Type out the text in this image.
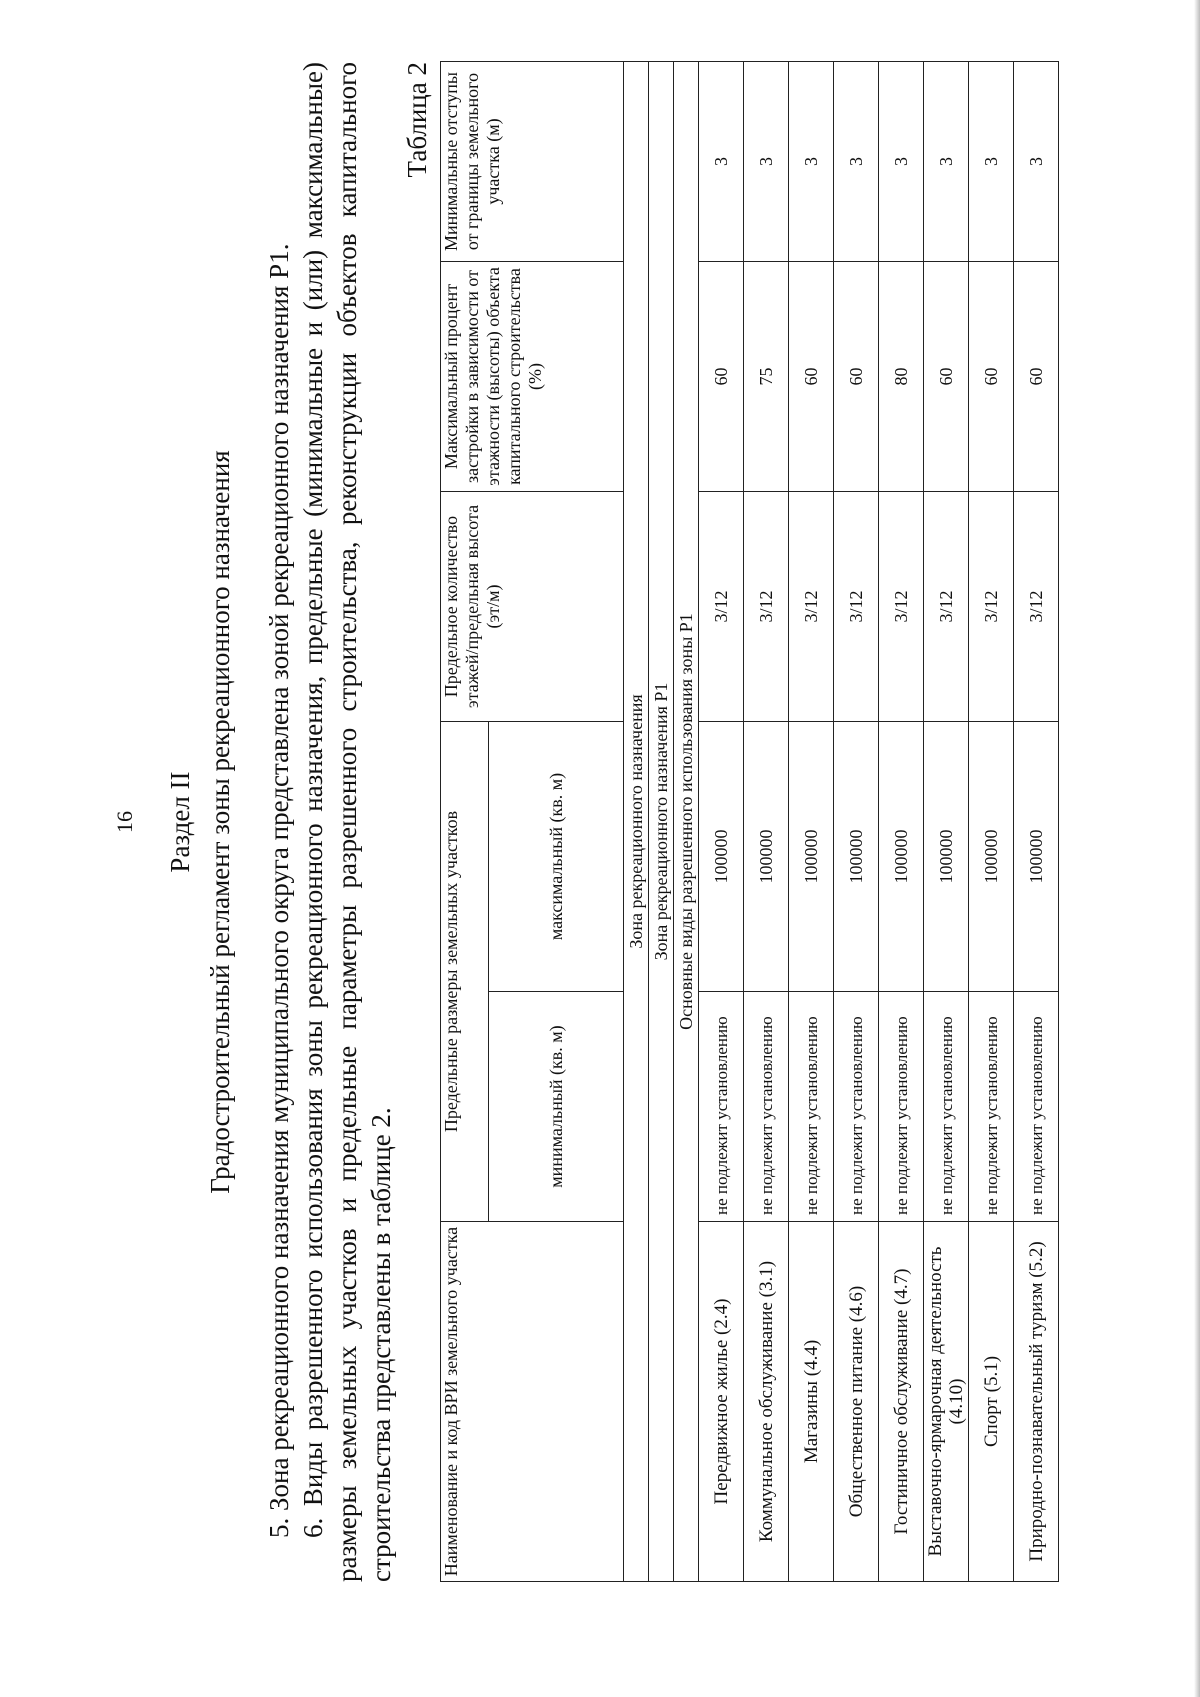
16 Раздел II Градостроительный регламент зоны рекреационного назначения 5. Зона рекреационного назначения муниципального округа представлена зоной рекреационного назначения Р1. 6. Виды разрешенного использования зоны рекреационного назначения, предельные (минимальные и (или) максимальные) размеры земельных участков и предельные параметры разрешенного строительства, реконструкции объектов капитального строительства представлены в таблице 2.
Таблица 2
Наименование и код ВРИ земельного участка	Предельные размеры земельных участков		Предельное количество этажей/предельная высота (эт/м)	Максимальный процент застройки в зависимости от этажности (высоты) объекта капитального строительства (%)	Минимальные отступы от границы земельного участка (м)
	минимальный (кв. м)	максимальный (кв. м)			
Зона рекреационного назначения					
Зона рекреационного назначения Р1					
Основные виды разрешенного использования зоны Р1					
Передвижное жилье (2.4)	не подлежит установлению	100000	3/12	60	3
Коммунальное обслуживание (3.1)	не подлежит установлению	100000	3/12	75	3
Магазины (4.4)	не подлежит установлению	100000	3/12	60	3
Общественное питание (4.6)	не подлежит установлению	100000	3/12	60	3
Гостиничное обслуживание (4.7)	не подлежит установлению	100000	3/12	80	3
Выставочно-ярмарочная деятельность (4.10)	не подлежит установлению	100000	3/12	60	3
Спорт (5.1)	не подлежит установлению	100000	3/12	60	3
Природно-познавательный туризм (5.2)	не подлежит установлению	100000	3/12	60	3
